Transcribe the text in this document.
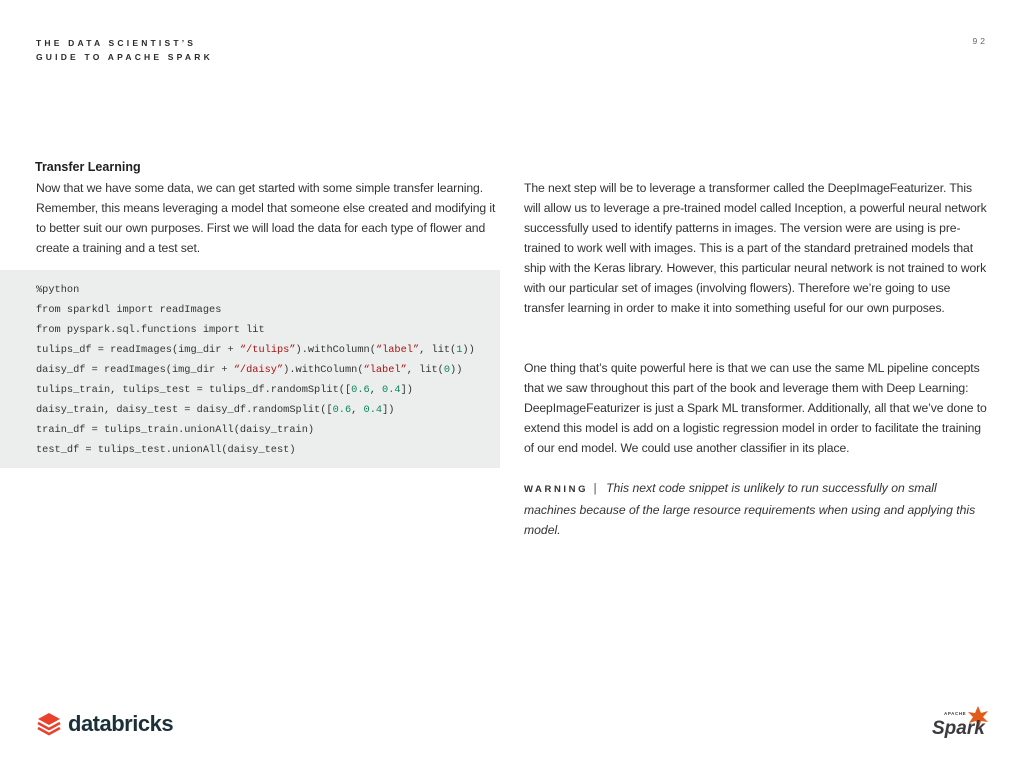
THE DATA SCIENTIST’S
GUIDE TO APACHE SPARK
92
Transfer Learning
Now that we have some data, we can get started with some simple transfer learning. Remember, this means leveraging a model that someone else created and modifying it to better suit our own purposes. First we will load the data for each type of flower and create a training and a test set.
%python
from sparkdl import readImages
from pyspark.sql.functions import lit
tulips_df = readImages(img_dir + “/tulips”).withColumn(“label”, lit(1))
daisy_df = readImages(img_dir + “/daisy”).withColumn(“label”, lit(0))
tulips_train, tulips_test = tulips_df.randomSplit([0.6, 0.4])
daisy_train, daisy_test = daisy_df.randomSplit([0.6, 0.4])
train_df = tulips_train.unionAll(daisy_train)
test_df = tulips_test.unionAll(daisy_test)
The next step will be to leverage a transformer called the DeepImageFeaturizer. This will allow us to leverage a pre-trained model called Inception, a powerful neural network successfully used to identify patterns in images. The version were are using is pre-trained to work well with images. This is a part of the standard pretrained models that ship with the Keras library. However, this particular neural network is not trained to work with our particular set of images (involving flowers). Therefore we’re going to use transfer learning in order to make it into something useful for our own purposes.
One thing that’s quite powerful here is that we can use the same ML pipeline concepts that we saw throughout this part of the book and leverage them with Deep Learning: DeepImageFeaturizer is just a Spark ML transformer. Additionally, all that we’ve done to extend this model is add on a logistic regression model in order to facilitate the training of our end model. We could use another classifier in its place.
WARNING | This next code snippet is unlikely to run successfully on small machines because of the large resource requirements when using and applying this model.
databricks	APACHE
Spark
